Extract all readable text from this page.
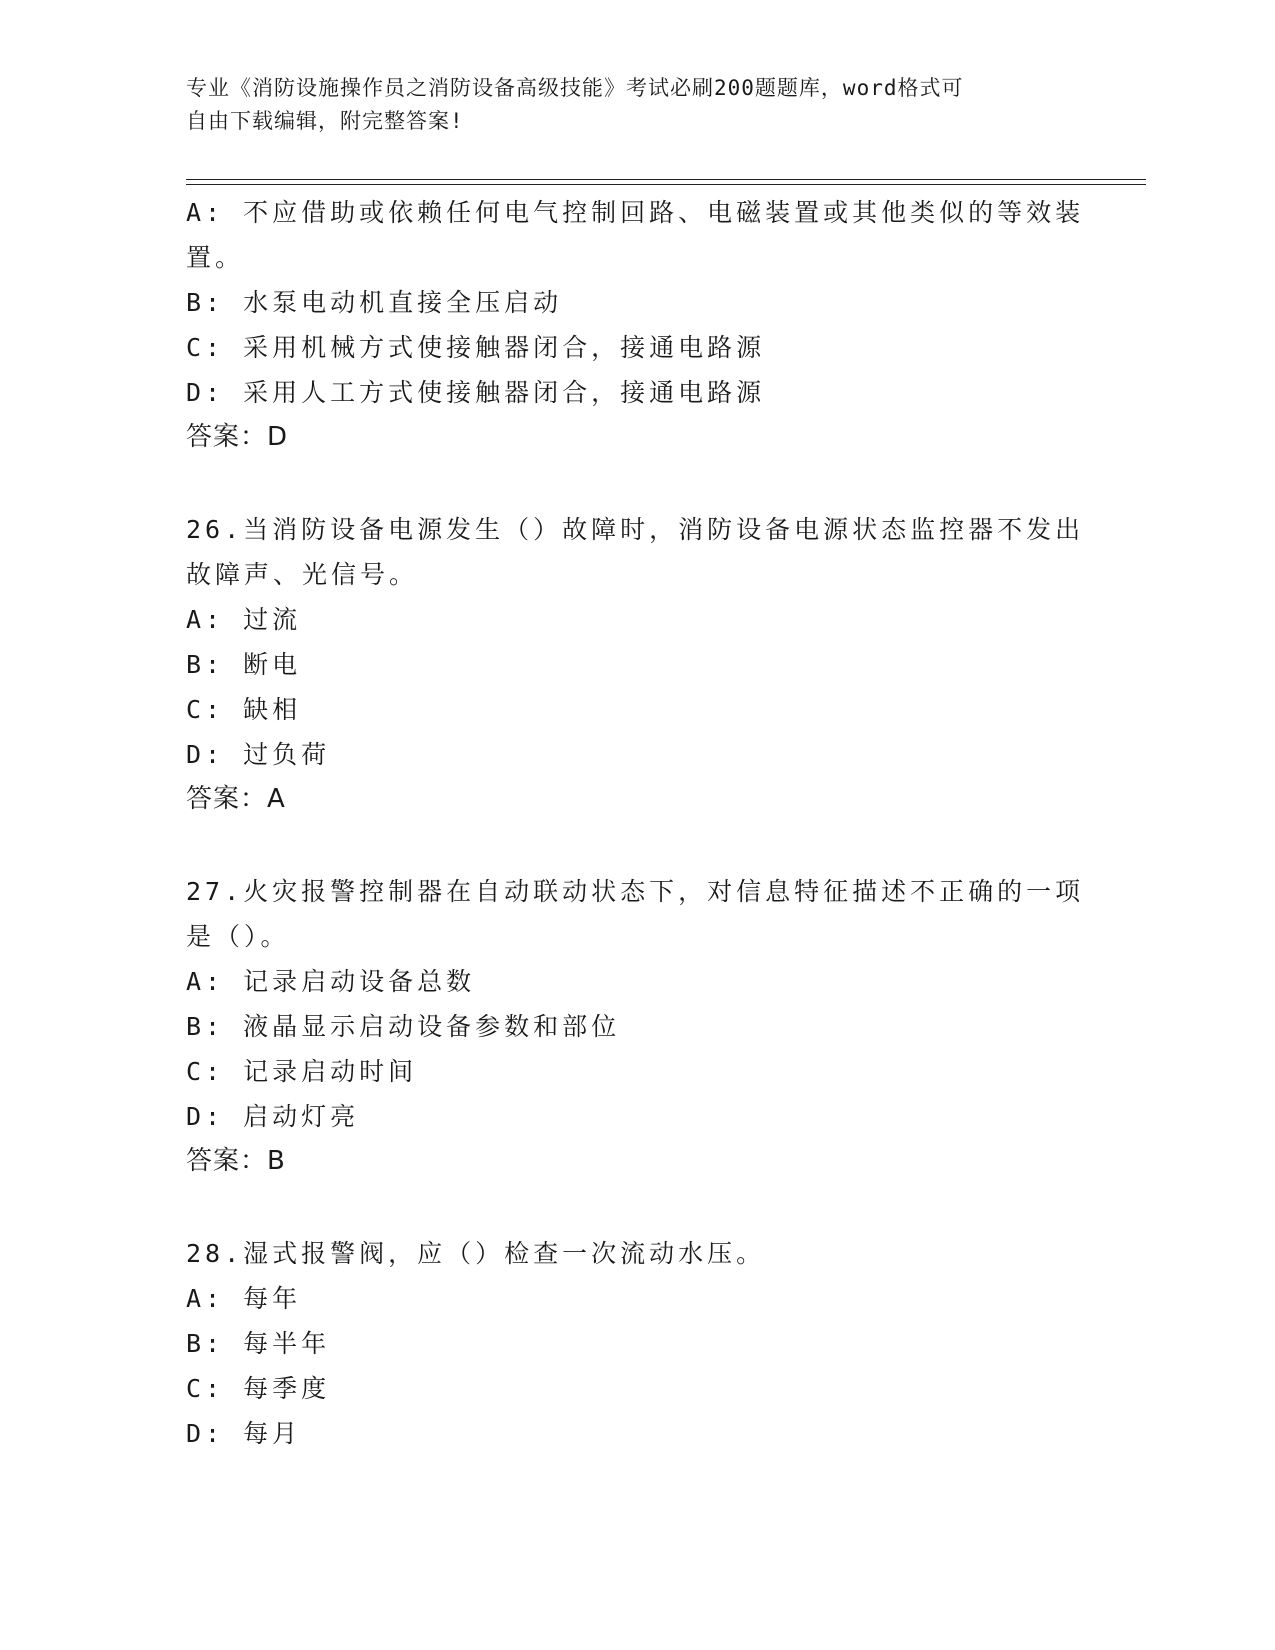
专业《消防设施操作员之消防设备高级技能》考试必刷200题题库，word格式可
自由下载编辑，附完整答案!
A: 不应借助或依赖任何电气控制回路、电磁装置或其他类似的等效装
置。
B: 水泵电动机直接全压启动
C: 采用机械方式使接触器闭合，接通电路源
D: 采用人工方式使接触器闭合，接通电路源
答案：D
26.当消防设备电源发生（）故障时，消防设备电源状态监控器不发出
故障声、光信号。
A: 过流
B: 断电
C: 缺相
D: 过负荷
答案：A
27.火灾报警控制器在自动联动状态下，对信息特征描述不正确的一项
是（）。
A: 记录启动设备总数
B: 液晶显示启动设备参数和部位
C: 记录启动时间
D: 启动灯亮
答案：B
28.湿式报警阀，应（）检查一次流动水压。
A: 每年
B: 每半年
C: 每季度
D: 每月
